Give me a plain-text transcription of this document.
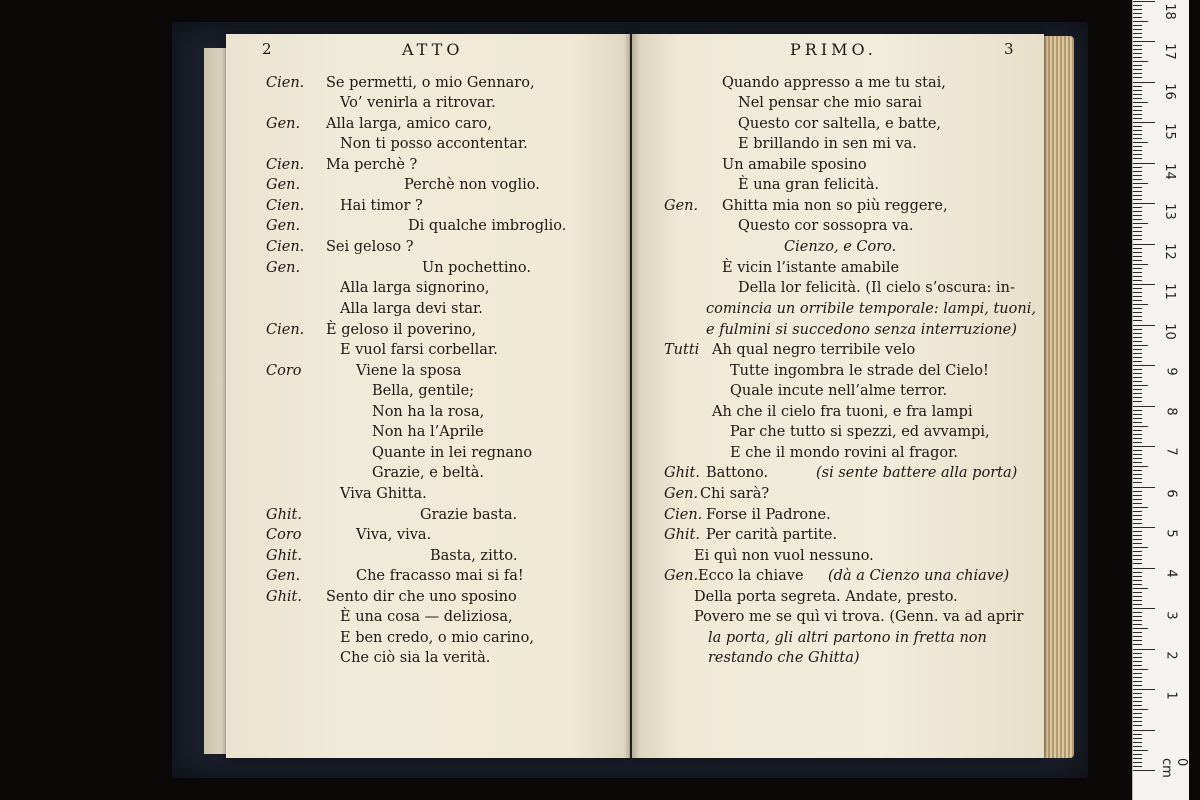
2	ATTO
Cien. Se permetti, o mio Gennaro,
Vo’ venirla a ritrovar.
Gen. Alla larga, amico caro,
Non ti posso accontentar.
Cien. Ma perchè ?
Gen.	Perchè non voglio.
Cien. Hai timor ?
Gen.	Di qualche imbroglio.
Cien. Sei geloso ?
Gen.	Un pochettino.
Alla larga signorino,
Alla larga devi star.
Cien. È geloso il poverino,
E vuol farsi corbellar.
Coro	Viene la sposa
Bella, gentile;
Non ha la rosa,
Non ha l’Aprile
Quante in lei regnano
Grazie, e beltà.
Viva Ghitta.
Ghit.	Grazie basta.
Coro	Viva, viva.
Ghit.	Basta, zitto.
Gen.	Che fracasso mai si fa!
Ghit. Sento dir che uno sposino
È una cosa — deliziosa,
E ben credo, o mio carino,
Che ciò sia la verità.
PRIMO.	3
Quando appresso a me tu stai,
Nel pensar che mio sarai
Questo cor saltella, e batte,
E brillando in sen mi va.
Un amabile sposino
È una gran felicità.
Gen. Ghitta mia non so più reggere,
Questo cor sossopra va.
Cienzo, e Coro.
È vicin l’istante amabile
Della lor felicità. (Il cielo s’oscura: in-
comincia un orribile temporale: lampi, tuoni,
e fulmini si succedono senza interruzione)
Tutti Ah qual negro terribile velo
Tutte ingombra le strade del Cielo!
Quale incute nell’alme terror.
Ah che il cielo fra tuoni, e fra lampi
Par che tutto si spezzi, ed avvampi,
E che il mondo rovini al fragor.
Ghit. Battono.	(si sente battere alla porta)
Gen. Chi sarà?
Cien. Forse il Padrone.
Ghit. Per carità partite.
Ei quì non vuol nessuno.
Gen. Ecco la chiave (dà a Cienzo una chiave)
Della porta segreta. Andate, presto.
Povero me se quì vi trova. (Genn. va ad aprir
la porta, gli altri partono in fretta non
restando che Ghitta)
0 cm
1
2
3
4
5
6
7
8
9
10
11
12
13
14
15
16
17
18
